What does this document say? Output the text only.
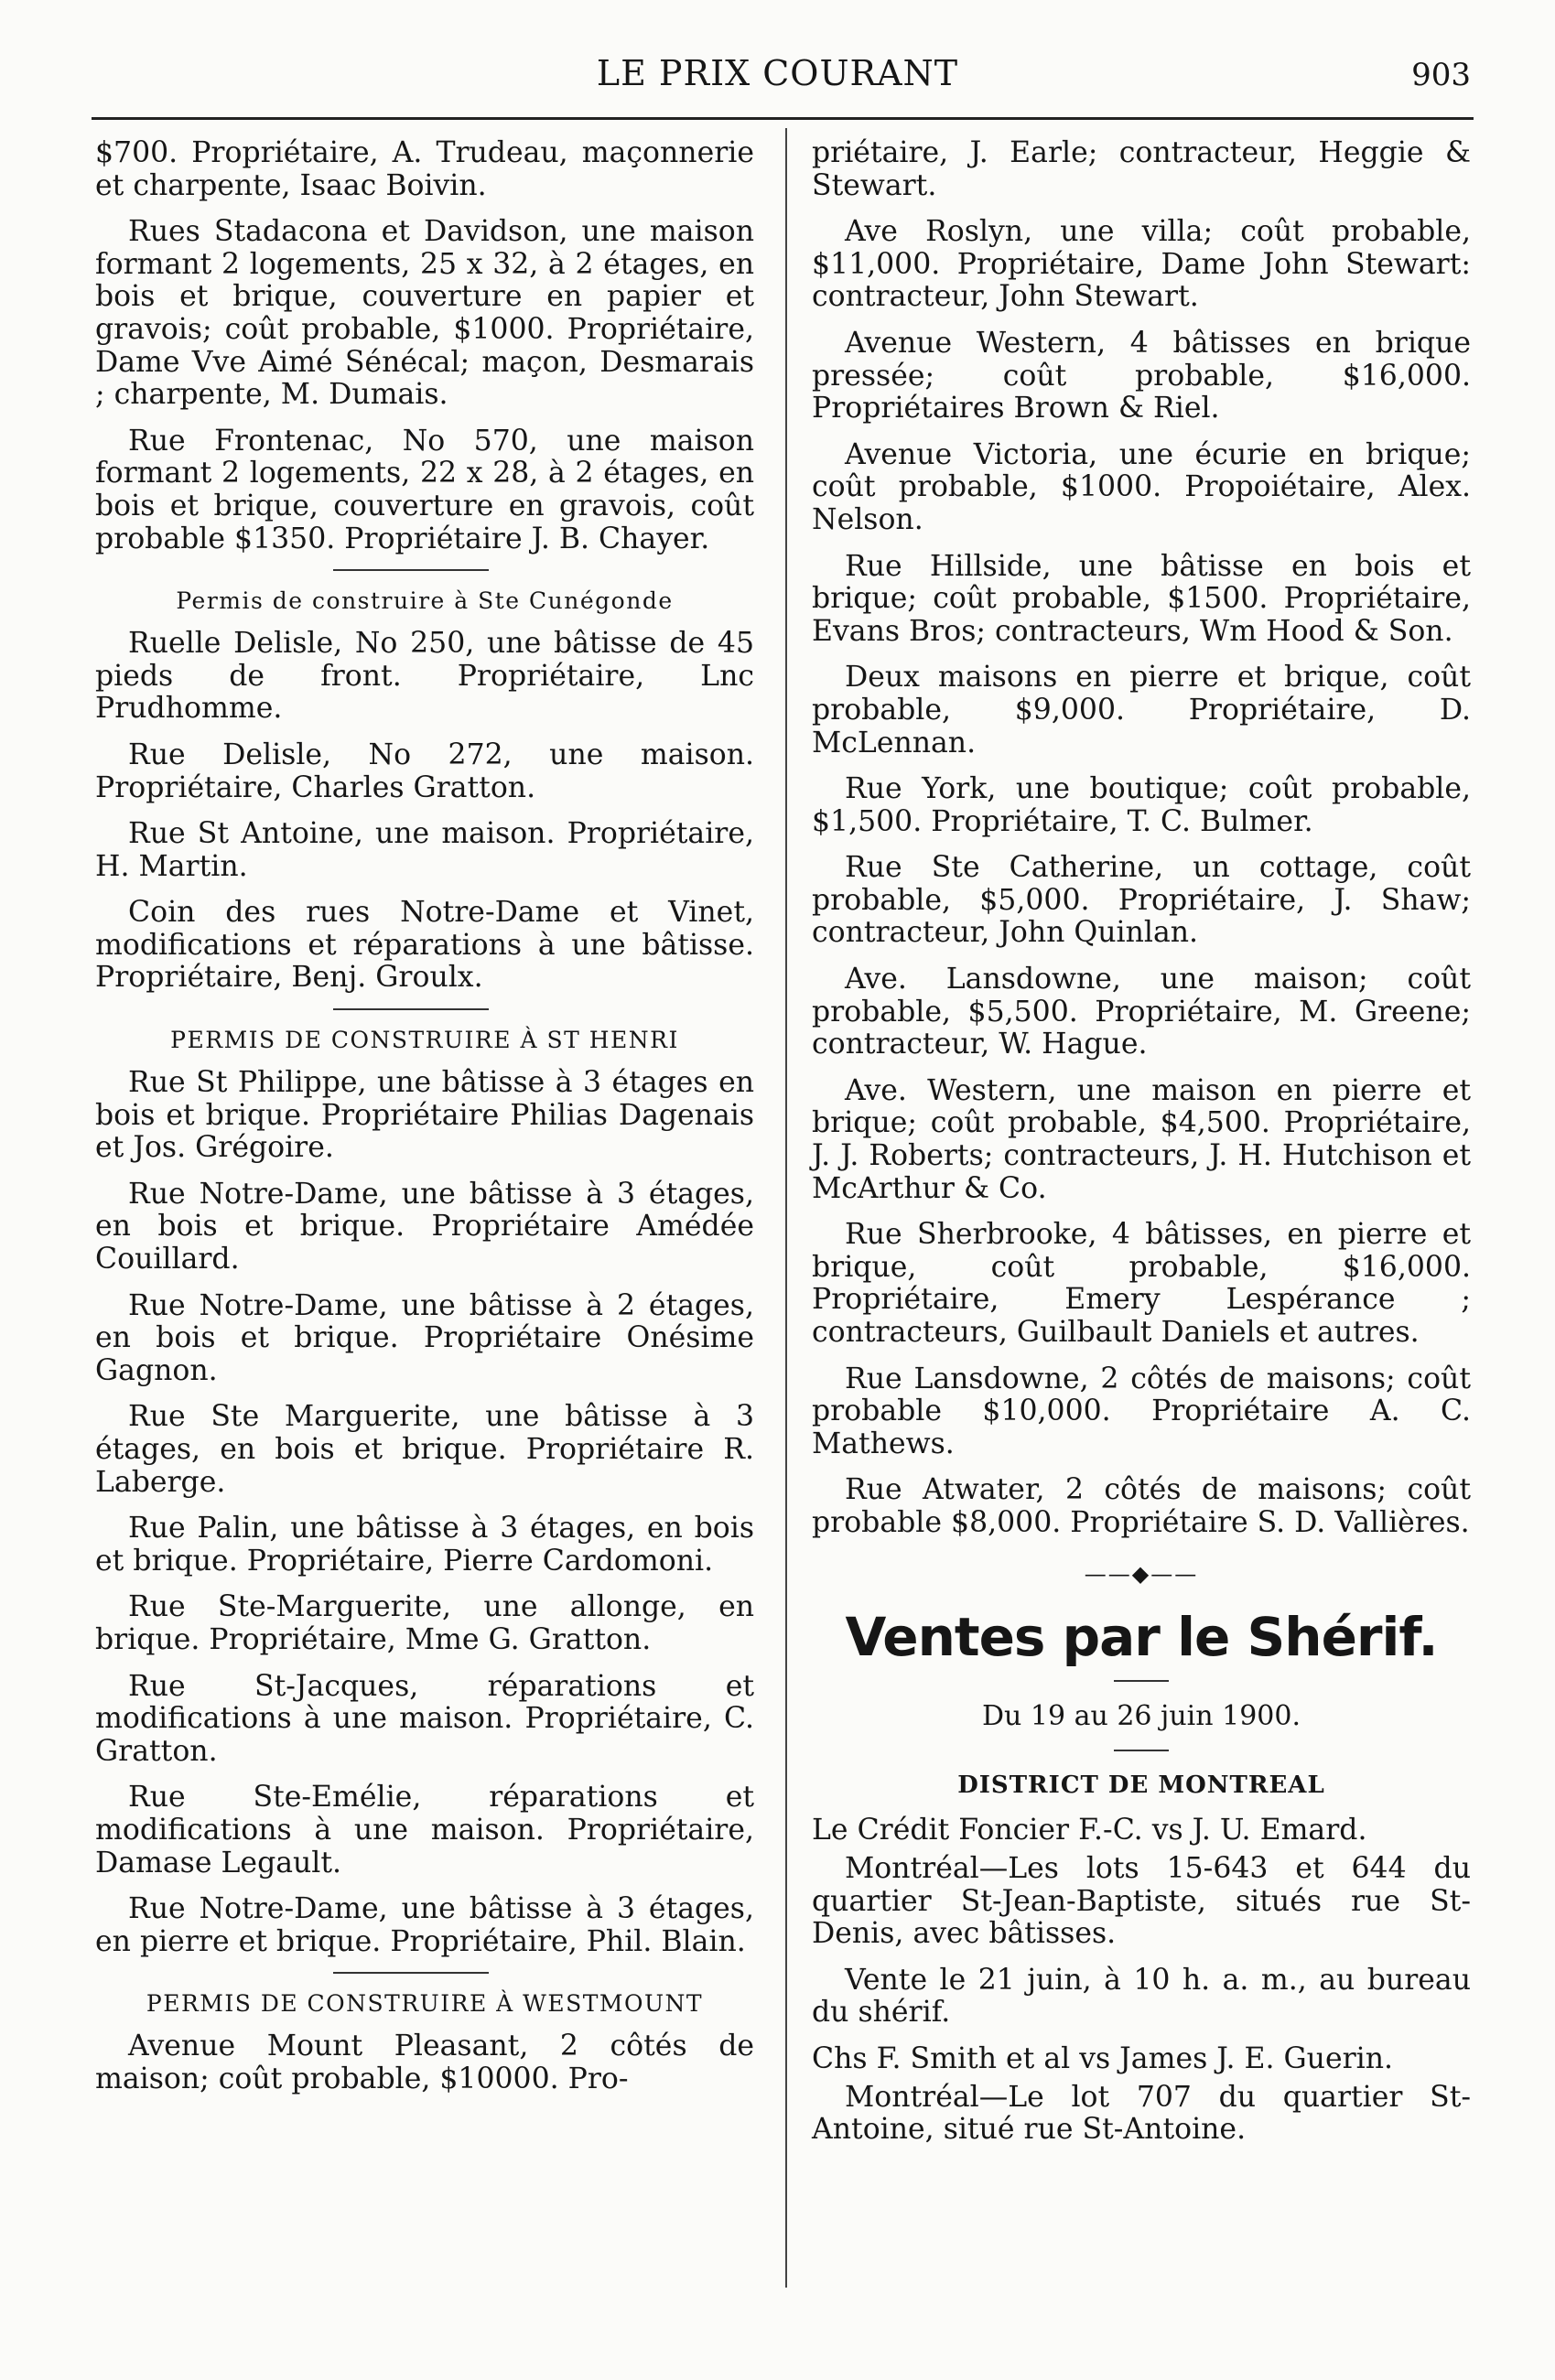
LE PRIX COURANT	903

$700. Propriétaire, A. Trudeau, maçonnerie et charpente, Isaac Boivin.

Rues Stadacona et Davidson, une maison formant 2 logements, 25 x 32, à 2 étages, en bois et brique, couverture en papier et gravois; coût probable, $1000. Propriétaire, Dame Vve Aimé Sénécal; maçon, Desmarais ; charpente, M. Dumais.

Rue Frontenac, No 570, une maison formant 2 logements, 22 x 28, à 2 étages, en bois et brique, couverture en gravois, coût probable $1350. Propriétaire J. B. Chayer.

Permis de construire à Ste Cunégonde

Ruelle Delisle, No 250, une bâtisse de 45 pieds de front. Propriétaire, Lnc Prudhomme.

Rue Delisle, No 272, une maison. Propriétaire, Charles Gratton.

Rue St Antoine, une maison. Propriétaire, H. Martin.

Coin des rues Notre-Dame et Vinet, modifications et réparations à une bâtisse. Propriétaire, Benj. Groulx.

PERMIS DE CONSTRUIRE À ST HENRI

Rue St Philippe, une bâtisse à 3 étages en bois et brique. Propriétaire Philias Dagenais et Jos. Grégoire.

Rue Notre-Dame, une bâtisse à 3 étages, en bois et brique. Propriétaire Amédée Couillard.

Rue Notre-Dame, une bâtisse à 2 étages, en bois et brique. Propriétaire Onésime Gagnon.

Rue Ste Marguerite, une bâtisse à 3 étages, en bois et brique. Propriétaire R. Laberge.

Rue Palin, une bâtisse à 3 étages, en bois et brique. Propriétaire, Pierre Cardomoni.

Rue Ste-Marguerite, une allonge, en brique. Propriétaire, Mme G. Gratton.

Rue St-Jacques, réparations et modifications à une maison. Propriétaire, C. Gratton.

Rue Ste-Emélie, réparations et modifications à une maison. Propriétaire, Damase Legault.

Rue Notre-Dame, une bâtisse à 3 étages, en pierre et brique. Propriétaire, Phil. Blain.

PERMIS DE CONSTRUIRE À WESTMOUNT

Avenue Mount Pleasant, 2 côtés de maison; coût probable, $10000. Pro-

priétaire, J. Earle; contracteur, Heggie & Stewart.

Ave Roslyn, une villa; coût probable, $11,000. Propriétaire, Dame John Stewart: contracteur, John Stewart.

Avenue Western, 4 bâtisses en brique pressée; coût probable, $16,000. Propriétaires Brown & Riel.

Avenue Victoria, une écurie en brique; coût probable, $1000. Propoiétaire, Alex. Nelson.

Rue Hillside, une bâtisse en bois et brique; coût probable, $1500. Propriétaire, Evans Bros; contracteurs, Wm Hood & Son.

Deux maisons en pierre et brique, coût probable, $9,000. Propriétaire, D. McLennan.

Rue York, une boutique; coût probable, $1,500. Propriétaire, T. C. Bulmer.

Rue Ste Catherine, un cottage, coût probable, $5,000. Propriétaire, J. Shaw; contracteur, John Quinlan.

Ave. Lansdowne, une maison; coût probable, $5,500. Propriétaire, M. Greene; contracteur, W. Hague.

Ave. Western, une maison en pierre et brique; coût probable, $4,500. Propriétaire, J. J. Roberts; contracteurs, J. H. Hutchison et McArthur & Co.

Rue Sherbrooke, 4 bâtisses, en pierre et brique, coût probable, $16,000. Propriétaire, Emery Lespérance ; contracteurs, Guilbault Daniels et autres.

Rue Lansdowne, 2 côtés de maisons; coût probable $10,000. Propriétaire A. C. Mathews.

Rue Atwater, 2 côtés de maisons; coût probable $8,000. Propriétaire S. D. Vallières.

——◆——
Ventes par le Shérif.
Du 19 au 26 juin 1900.
DISTRICT DE MONTREAL

Le Crédit Foncier F.-C. vs J. U. Emard.

Montréal—Les lots 15-643 et 644 du quartier St-Jean-Baptiste, situés rue St-Denis, avec bâtisses.

Vente le 21 juin, à 10 h. a. m., au bureau du shérif.

Chs F. Smith et al vs James J. E. Guerin.

Montréal—Le lot 707 du quartier St-Antoine, situé rue St-Antoine.
